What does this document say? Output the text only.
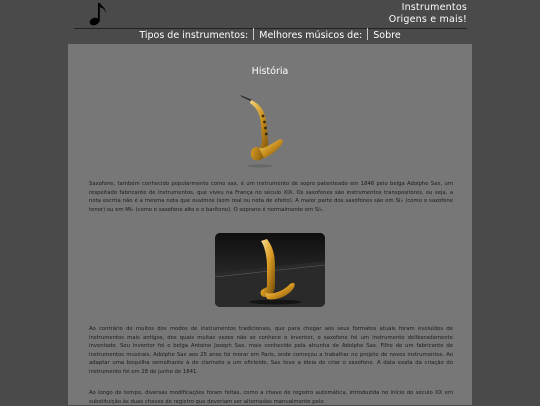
Instrumentos
Origens e mais!
Tipos de instrumentos: Melhores músicos de: Sobre
História

Saxofone, também conhecido popularmente como sax, é um instrumento de sopro patenteado em 1846 pelo belga Adolphe Sax, um respeitado fabricante de instrumentos, que viveu na França no século XIX. Os saxofones são instrumentos transpositores, ou seja, a nota escrita não é a mesma nota que ouvimos (som real ou nota de efeito). A maior parte dos saxofones são em Si♭ (como o saxofone tenor) ou em Mi♭ (como o saxofone alto e o barítono). O soprano é normalmente em Si♭.

Ao contrário de muitos dos modos de instrumentos tradicionais, que para chegar aos seus formatos atuais foram evoluídos de instrumentos mais antigos, dos quais muitas vezes não se conhece o inventor, o saxofone foi um instrumento deliberadamente inventado. Seu inventor foi o belga Antoine Joseph Sax, mais conhecido pela alcunha de Adolphe Sax. Filho de um fabricante de instrumentos musicais, Adolphe Sax aos 25 anos foi morar em Paris, onde começou a trabalhar no projeto de novos instrumentos. Ao adaptar uma boquilha semelhante à do clarinete a um oficleide, Sax teve a ideia de criar o saxofone. A data exata da criação do instrumento foi em 28 de junho de 1841.

Ao longo do tempo, diversas modificações foram feitas, como a chave de registro automática, introduzida no início do século XX em substituição às duas chaves de registro que deveriam ser alternadas manualmente pelo
